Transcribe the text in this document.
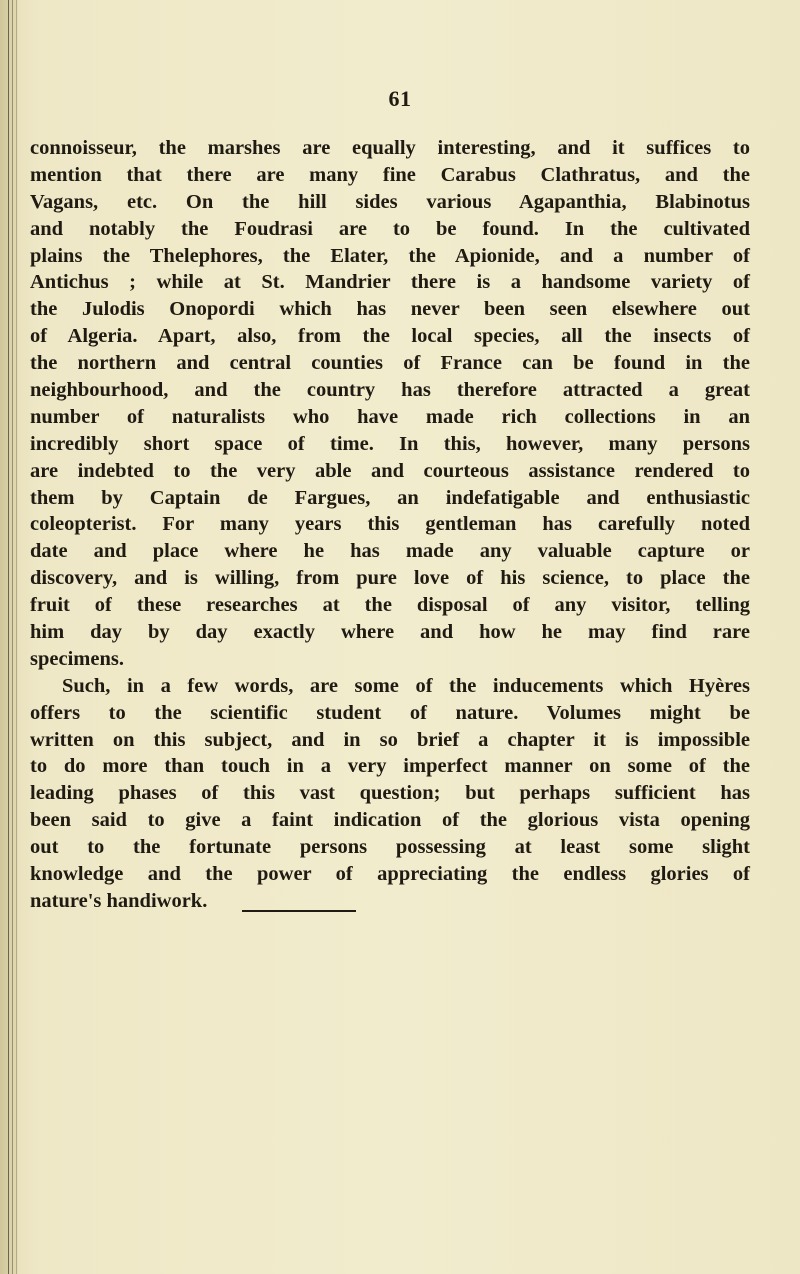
61
connoisseur, the marshes are equally interesting, and it suffices to
mention that there are many fine Carabus Clathratus, and the
Vagans, etc. On the hill sides various Agapanthia, Blabinotus
and notably the Foudrasi are to be found. In the cultivated
plains the Thelephores, the Elater, the Apionide, and a number of
Antichus ; while at St. Mandrier there is a handsome variety of
the Julodis Onopordi which has never been seen elsewhere out
of Algeria. Apart, also, from the local species, all the insects of
the northern and central counties of France can be found in the
neighbourhood, and the country has therefore attracted a great
number of naturalists who have made rich collections in an
incredibly short space of time. In this, however, many persons
are indebted to the very able and courteous assistance rendered to
them by Captain de Fargues, an indefatigable and enthusiastic
coleopterist. For many years this gentleman has carefully noted
date and place where he has made any valuable capture or
discovery, and is willing, from pure love of his science, to place the
fruit of these researches at the disposal of any visitor, telling
him day by day exactly where and how he may find rare
specimens.
Such, in a few words, are some of the inducements which Hyères
offers to the scientific student of nature. Volumes might be
written on this subject, and in so brief a chapter it is impossible
to do more than touch in a very imperfect manner on some of the
leading phases of this vast question; but perhaps sufficient has
been said to give a faint indication of the glorious vista opening
out to the fortunate persons possessing at least some slight
knowledge and the power of appreciating the endless glories of
nature's handiwork.
